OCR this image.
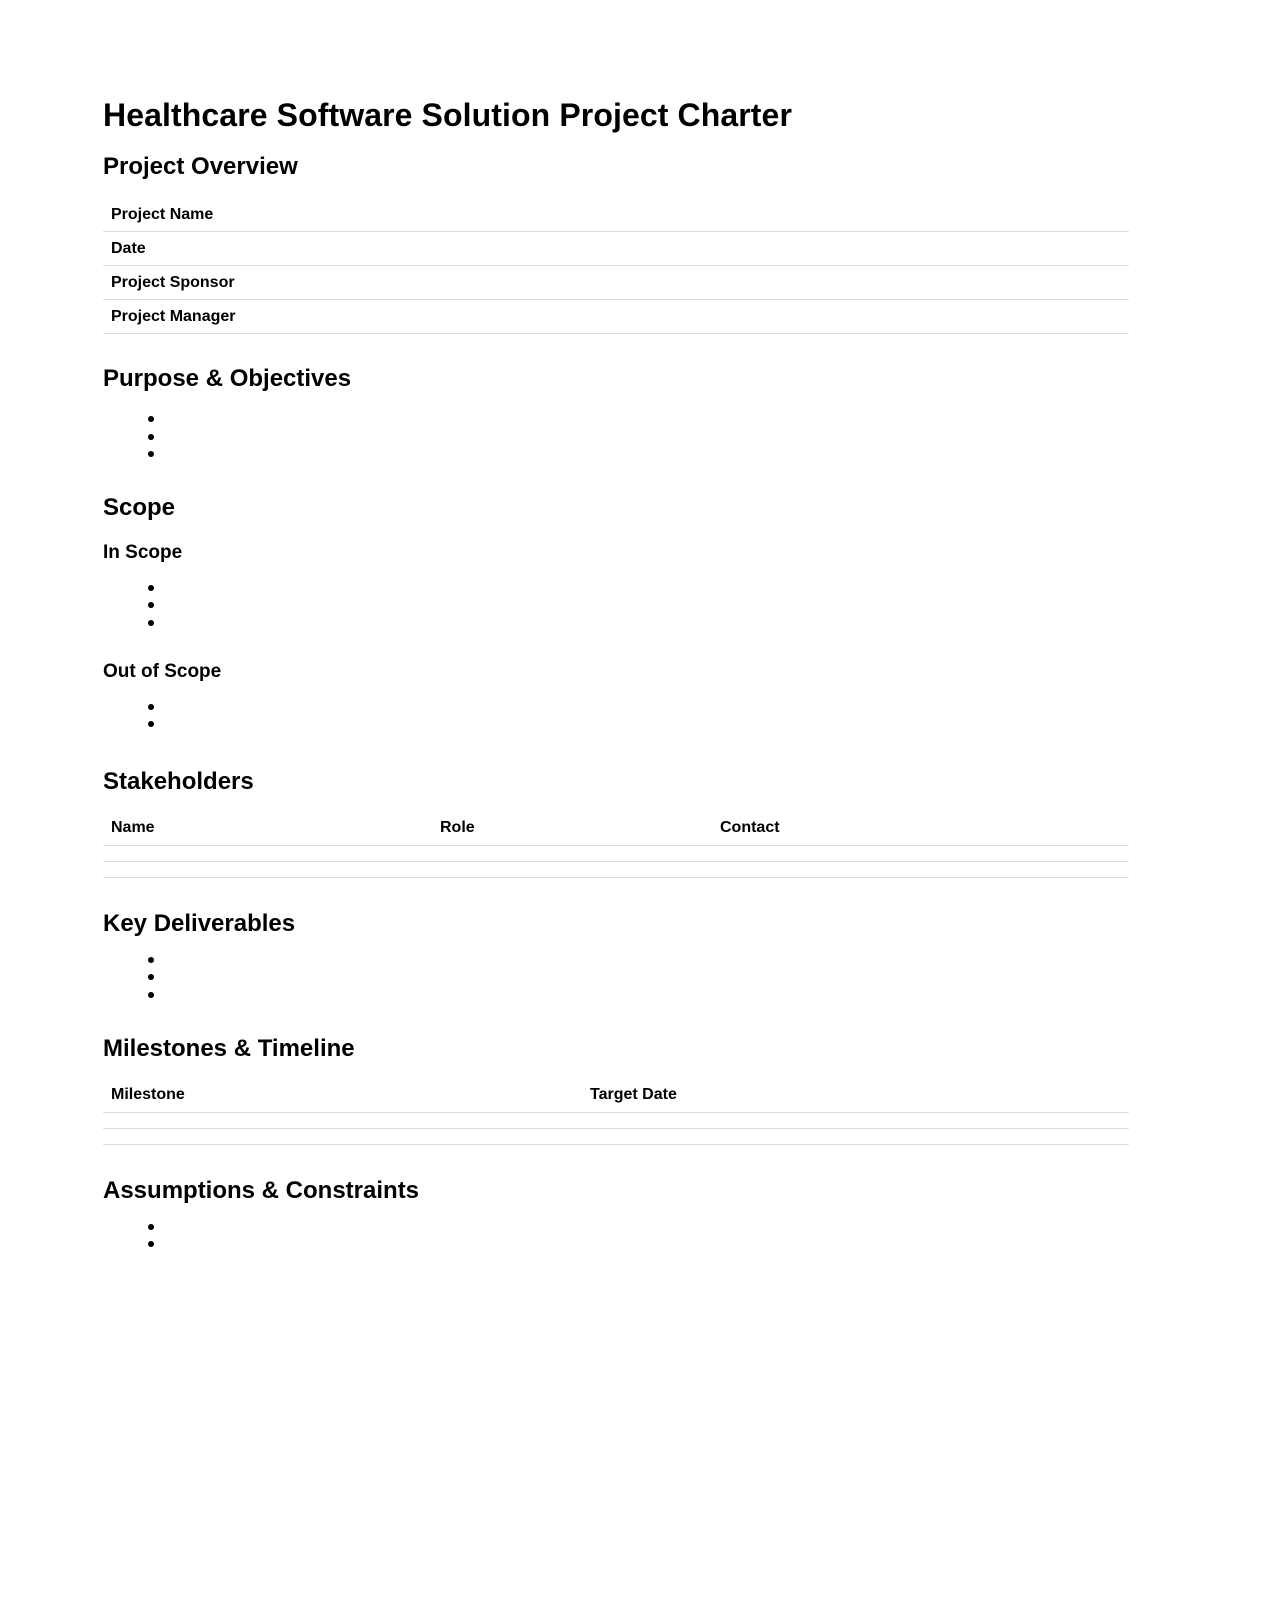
Healthcare Software Solution Project Charter
Project Overview
Project Name	
Date	
Project Sponsor	
Project Manager	
Purpose & Objectives
Scope
In Scope
Out of Scope
Stakeholders
Name	Role	Contact

Key Deliverables
Milestones & Timeline
Milestone	Target Date

Assumptions & Constraints
